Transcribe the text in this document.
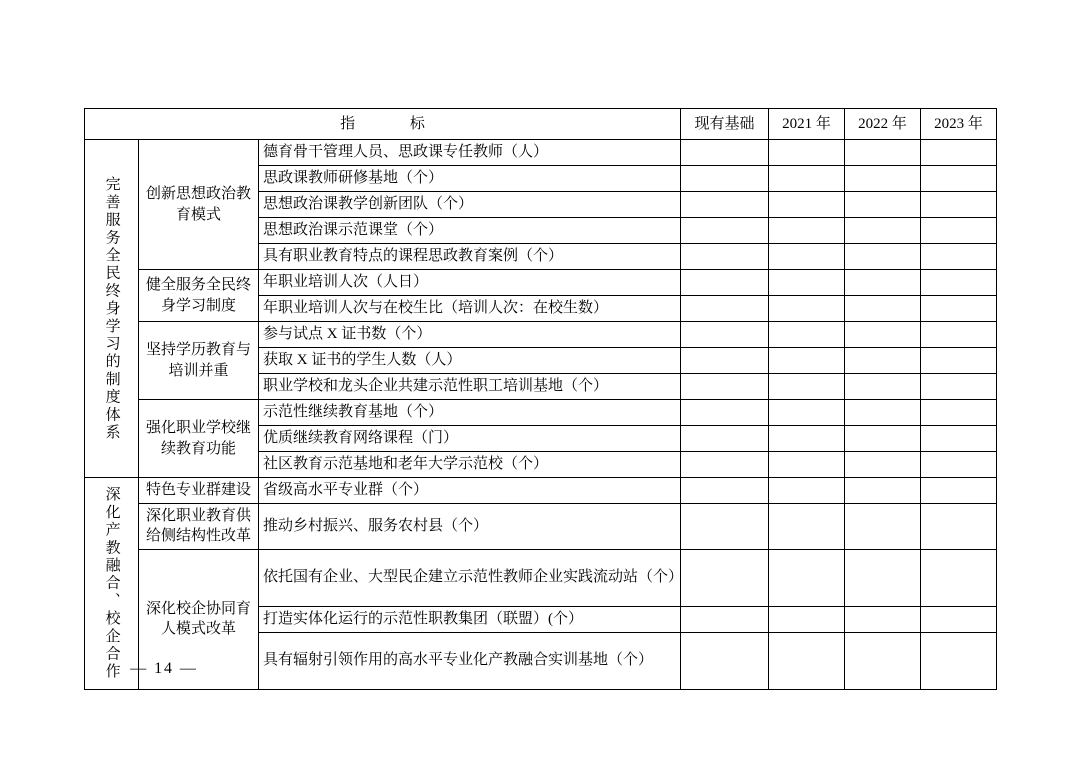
指　　标			现有基础	2021 年	2022 年	2023 年
完善服务全民终身学习的制度体系	创新思想政治教育模式	德育骨干管理人员、思政课专任教师（人）				
		思政课教师研修基地（个）				
		思想政治课教学创新团队（个）				
		思想政治课示范课堂（个）				
		具有职业教育特点的课程思政教育案例（个）				
	健全服务全民终身学习制度	年职业培训人次（人日）				
		年职业培训人次与在校生比（培训人次：在校生数）				
	坚持学历教育与培训并重	参与试点 X 证书数（个）				
		获取 X 证书的学生人数（人）				
		职业学校和龙头企业共建示范性职工培训基地（个）				
	强化职业学校继续教育功能	示范性继续教育基地（个）				
		优质继续教育网络课程（门）				
		社区教育示范基地和老年大学示范校（个）				
深化产教融合、校企合作	特色专业群建设	省级高水平专业群（个）				
	深化职业教育供给侧结构性改革	推动乡村振兴、服务农村县（个）				
	深化校企协同育人模式改革	依托国有企业、大型民企建立示范性教师企业实践流动站（个）				
		打造实体化运行的示范性职教集团（联盟）(个）				
		具有辐射引领作用的高水平专业化产教融合实训基地（个）				
— 14 —
